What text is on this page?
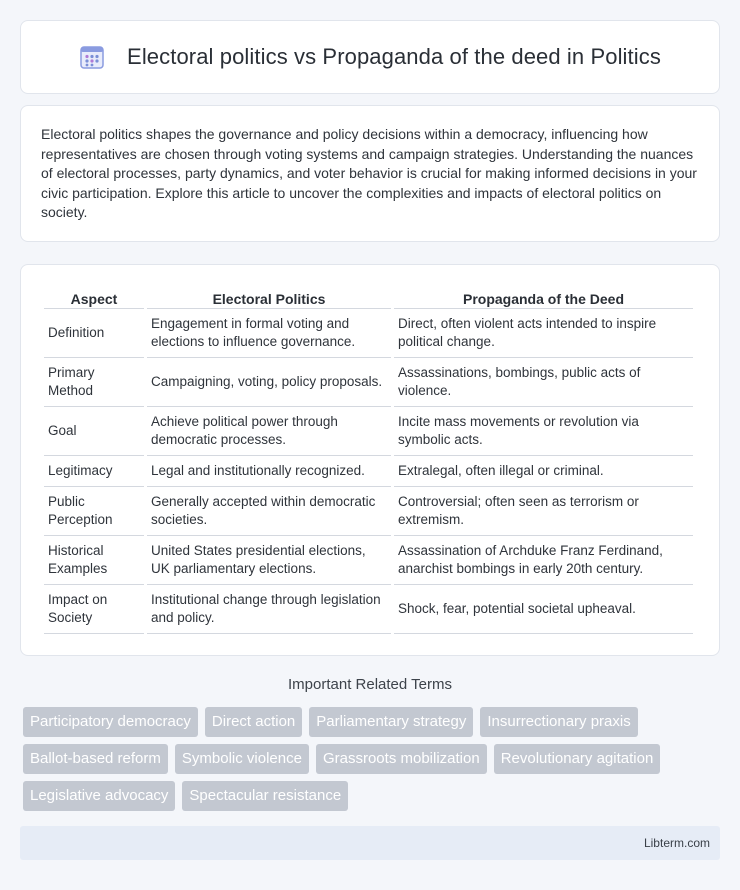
Electoral politics vs Propaganda of the deed in Politics

Electoral politics shapes the governance and policy decisions within a democracy, influencing how representatives are chosen through voting systems and campaign strategies. Understanding the nuances of electoral processes, party dynamics, and voter behavior is crucial for making informed decisions in your civic participation. Explore this article to uncover the complexities and impacts of electoral politics on society.

Aspect	Electoral Politics	Propaganda of the Deed
Definition	Engagement in formal voting and elections to influence governance.	Direct, often violent acts intended to inspire political change.
Primary Method	Campaigning, voting, policy proposals.	Assassinations, bombings, public acts of violence.
Goal	Achieve political power through democratic processes.	Incite mass movements or revolution via symbolic acts.
Legitimacy	Legal and institutionally recognized.	Extralegal, often illegal or criminal.
Public Perception	Generally accepted within democratic societies.	Controversial; often seen as terrorism or extremism.
Historical Examples	United States presidential elections, UK parliamentary elections.	Assassination of Archduke Franz Ferdinand, anarchist bombings in early 20th century.
Impact on Society	Institutional change through legislation and policy.	Shock, fear, potential societal upheaval.
Important Related Terms
Participatory democracy	Direct action	Parliamentary strategy	Insurrectionary praxis
Ballot-based reform	Symbolic violence	Grassroots mobilization	Revolutionary agitation
Legislative advocacy	Spectacular resistance
Libterm.com
